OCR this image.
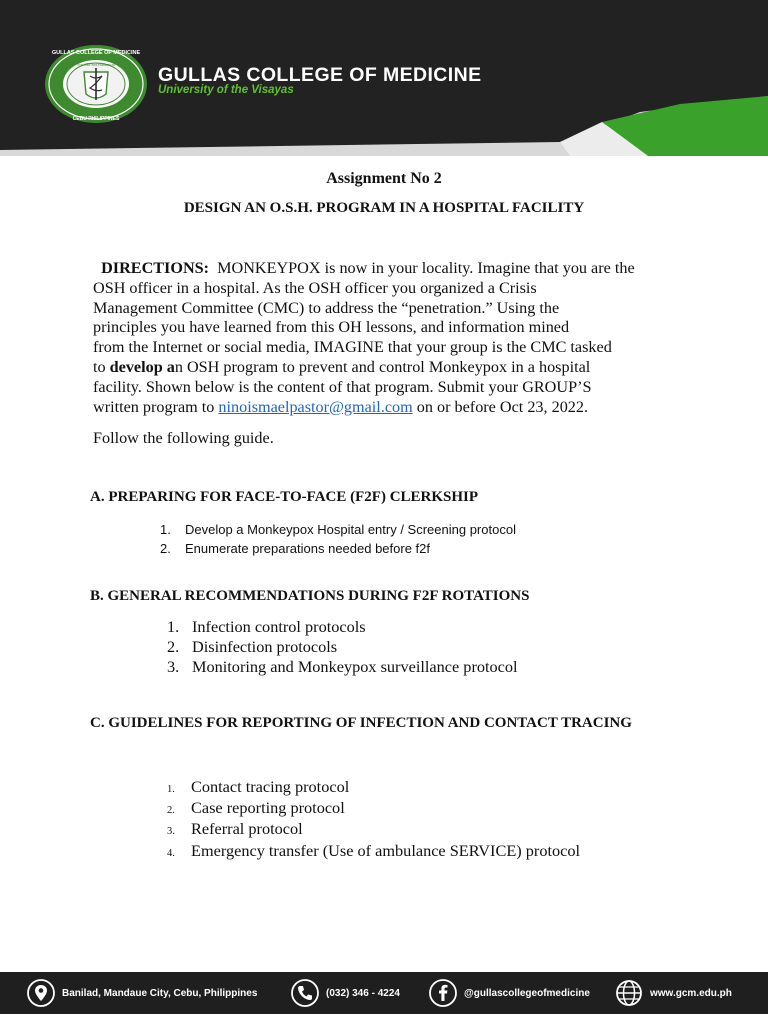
GULLAS COLLEGE OF MEDICINE
CEBU PHILIPPINES
Non Sibi Sed Humanitati GULLAS COLLEGE OF MEDICINE
University of the Visayas
Assignment No 2
DESIGN AN O.S.H. PROGRAM IN A HOSPITAL FACILITY
DIRECTIONS: MONKEYPOX is now in your locality. Imagine that you are the
OSH officer in a hospital. As the OSH officer you organized a Crisis
Management Committee (CMC) to address the “penetration.” Using the
principles you have learned from this OH lessons, and information mined
from the Internet or social media, IMAGINE that your group is the CMC tasked
to develop an OSH program to prevent and control Monkeypox in a hospital
facility. Shown below is the content of that program. Submit your GROUP’S
written program to ninoismaelpastor@gmail.com on or before Oct 23, 2022.
Follow the following guide.
A. PREPARING FOR FACE-TO-FACE (F2F) CLERKSHIP
1.	Develop a Monkeypox Hospital entry / Screening protocol
2.	Enumerate preparations needed before f2f
B. GENERAL RECOMMENDATIONS DURING F2F ROTATIONS
1. Infection control protocols
2. Disinfection protocols
3. Monitoring and Monkeypox surveillance protocol
C. GUIDELINES FOR REPORTING OF INFECTION AND CONTACT TRACING
1. Contact tracing protocol
2. Case reporting protocol
3. Referral protocol
4. Emergency transfer (Use of ambulance SERVICE) protocol
Banilad, Mandaue City, Cebu, Philippines	(032) 346 - 4224	@gullascollegeofmedicine	www.gcm.edu.ph
